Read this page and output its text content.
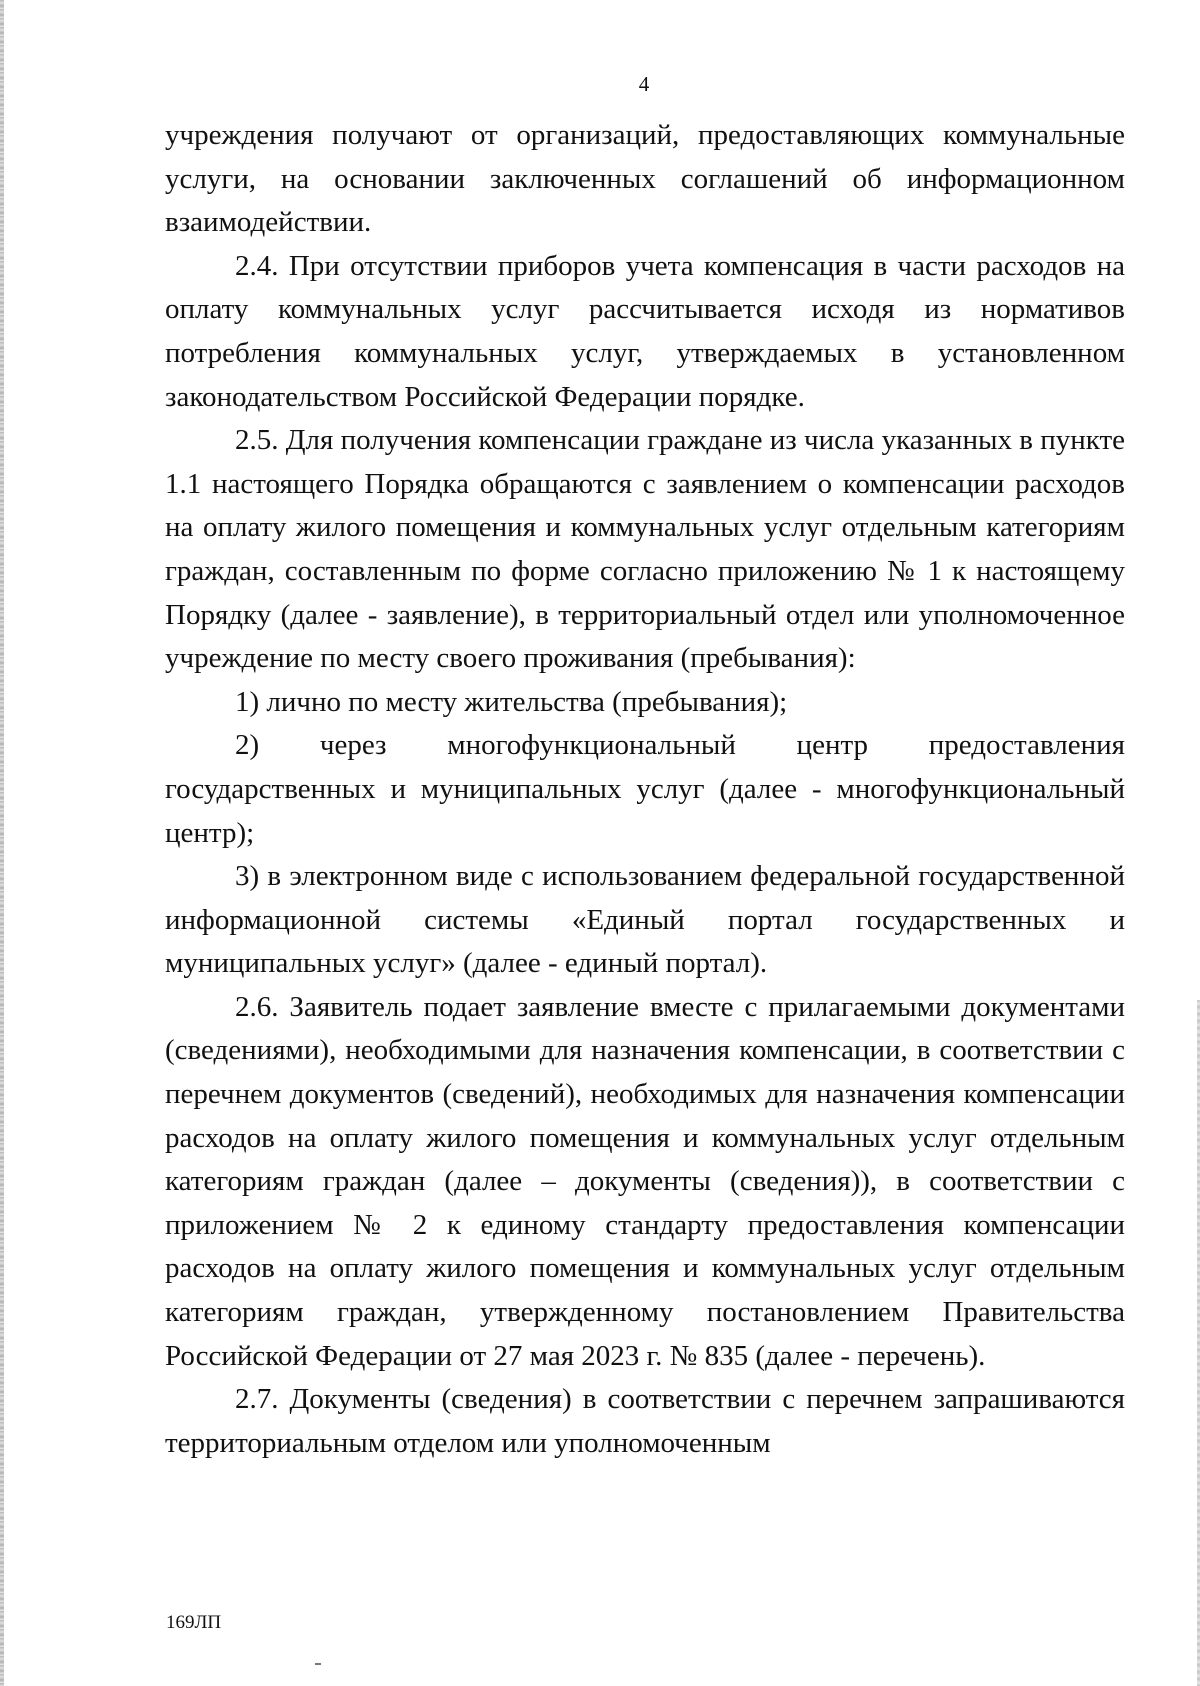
4

учреждения получают от организаций, предоставляющих коммунальные услуги, на основании заключенных соглашений об информационном взаимодействии.

2.4. При отсутствии приборов учета компенсация в части расходов на оплату коммунальных услуг рассчитывается исходя из нормативов потребления коммунальных услуг, утверждаемых в установленном законодательством Российской Федерации порядке.

2.5. Для получения компенсации граждане из числа указанных в пункте 1.1 настоящего Порядка обращаются с заявлением о компенсации расходов на оплату жилого помещения и коммунальных услуг отдельным категориям граждан, составленным по форме согласно приложению № 1 к настоящему Порядку (далее - заявление), в территориальный отдел или уполномоченное учреждение по месту своего проживания (пребывания):

1) лично по месту жительства (пребывания);

2) через многофункциональный центр предоставления государственных и муниципальных услуг (далее - многофункциональный центр);

3) в электронном виде с использованием федеральной государственной информационной системы «Единый портал государственных и муниципальных услуг» (далее - единый портал).

2.6. Заявитель подает заявление вместе с прилагаемыми документами (сведениями), необходимыми для назначения компенсации, в соответствии с перечнем документов (сведений), необходимых для назначения компенсации расходов на оплату жилого помещения и коммунальных услуг отдельным категориям граждан (далее – документы (сведения)), в соответствии с приложением № 2 к единому стандарту предоставления компенсации расходов на оплату жилого помещения и коммунальных услуг отдельным категориям граждан, утвержденному постановлением Правительства Российской Федерации от 27 мая 2023 г. № 835 (далее - перечень).

2.7. Документы (сведения) в соответствии с перечнем запрашиваются территориальным отделом или уполномоченным

169ЛП
